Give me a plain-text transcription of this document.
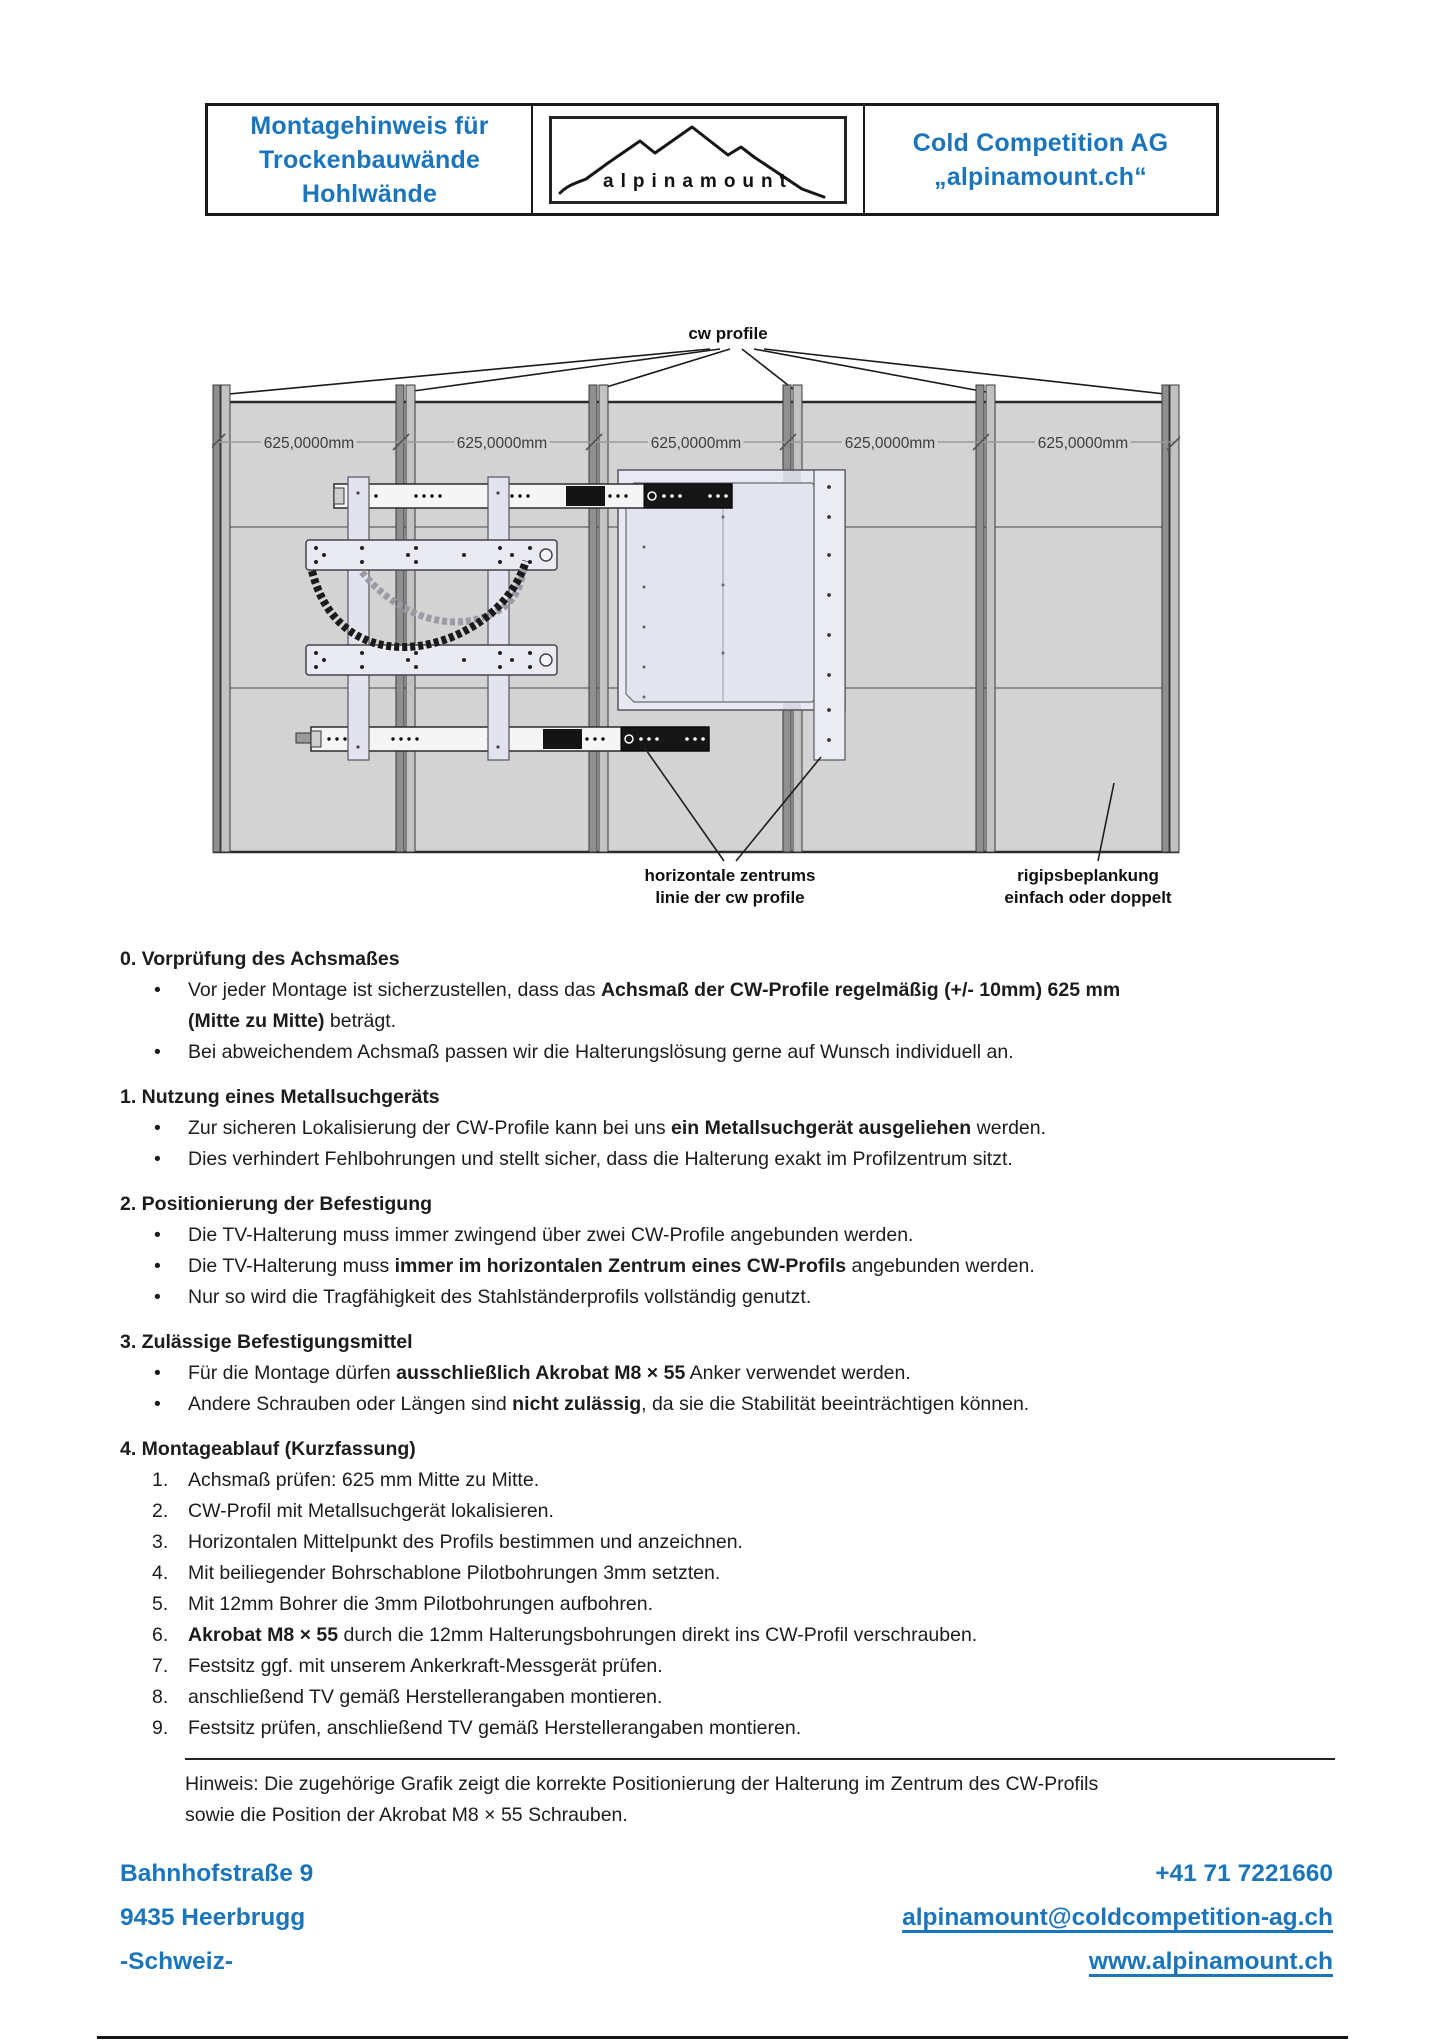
Montagehinweis für
Trockenbauwände
Hohlwände	alpinamount
Cold Competition AG
„alpinamount.ch“
cw profile
625,0000mm	625,0000mm	625,0000mm	625,0000mm	625,0000mm
horizontale zentrums
linie der cw profile
rigipsbeplankung
einfach oder doppelt
0. Vorprüfung des Achsmaßes
•	Vor jeder Montage ist sicherzustellen, dass das Achsmaß der CW-Profile regelmäßig (+/- 10mm) 625 mm
(Mitte zu Mitte) beträgt.
•	Bei abweichendem Achsmaß passen wir die Halterungslösung gerne auf Wunsch individuell an.
1. Nutzung eines Metallsuchgeräts
•	Zur sicheren Lokalisierung der CW-Profile kann bei uns ein Metallsuchgerät ausgeliehen werden.
•	Dies verhindert Fehlbohrungen und stellt sicher, dass die Halterung exakt im Profilzentrum sitzt.
2. Positionierung der Befestigung
•	Die TV-Halterung muss immer zwingend über zwei CW-Profile angebunden werden.
•	Die TV-Halterung muss immer im horizontalen Zentrum eines CW-Profils angebunden werden.
•	Nur so wird die Tragfähigkeit des Stahlständerprofils vollständig genutzt.
3. Zulässige Befestigungsmittel
•	Für die Montage dürfen ausschließlich Akrobat M8 × 55 Anker verwendet werden.
•	Andere Schrauben oder Längen sind nicht zulässig, da sie die Stabilität beeinträchtigen können.
4. Montageablauf (Kurzfassung)
1.	Achsmaß prüfen: 625 mm Mitte zu Mitte.
2.	CW-Profil mit Metallsuchgerät lokalisieren.
3.	Horizontalen Mittelpunkt des Profils bestimmen und anzeichnen.
4.	Mit beiliegender Bohrschablone Pilotbohrungen 3mm setzten.
5.	Mit 12mm Bohrer die 3mm Pilotbohrungen aufbohren.
6.	Akrobat M8 × 55 durch die 12mm Halterungsbohrungen direkt ins CW-Profil verschrauben.
7.	Festsitz ggf. mit unserem Ankerkraft-Messgerät prüfen.
8.	anschließend TV gemäß Herstellerangaben montieren.
9.	Festsitz prüfen, anschließend TV gemäß Herstellerangaben montieren.
Hinweis: Die zugehörige Grafik zeigt die korrekte Positionierung der Halterung im Zentrum des CW-Profils
sowie die Position der Akrobat M8 × 55 Schrauben.
Bahnhofstraße 9
9435 Heerbrugg
-Schweiz-
+41 71 7221660
alpinamount@coldcompetition-ag.ch
www.alpinamount.ch
